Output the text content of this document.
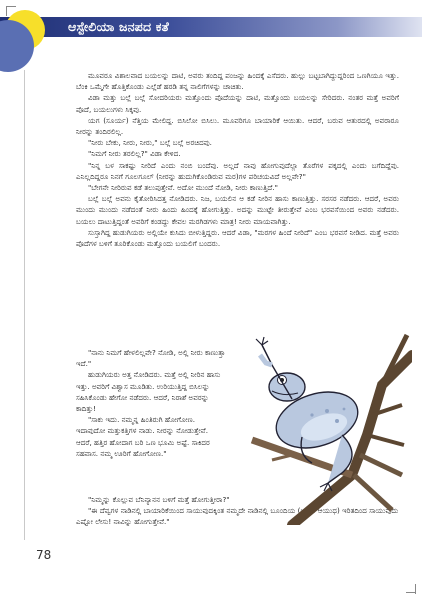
ಆಸ್ಟೇಲಿಯಾ ಜನಪದ ಕತೆ

ಮೂವರೂ ವಿಶಾಲವಾದ ಬಯಲನ್ನು ದಾಟಿ, ಅವರು ತಂದಿದ್ದ ಪಂಜನ್ನು ಹಿಂದಕ್ಕೆ ಎಸೆದರು. ಹುಲ್ಲು ಬಟ್ಟಬಾಗಿದ್ದುದ್ದರಿಂದ ಒಣಗಿಯೂ ಇತ್ತು. ಬೆಂಕಿ ಒಮ್ಮೆಗೇ ಹೊತ್ತಿಕೊಂಡು ಎಲ್ಲೆಡೆ ಹರಡಿ ತನ್ನ ನಾಲಿಗೆಗಳನ್ನು ಚಾಚಿತು.

ವಿಡಾ ಮತ್ತು ಬಲ್ಲೆ ಬಲ್ಲೆ ಸೋದರಿಯರು ಮತ್ತೊಂದು ಪೊದೆಯನ್ನು ದಾಟಿ, ಮತ್ತೊಂದು ಬಯಲನ್ನು ಸೇರಿದರು. ನಂತರ ಮತ್ತೆ ಅವರಿಗೆ ಪೊದೆ, ಬಯಲುಗಳು ಸಿಕ್ಕವು.

ಯಗ (ಸೂರ್ಯ) ನೆತ್ತಿಯ ಮೇಲಿದ್ದ. ಬಿಸಿಲೋ ಬಿಸಿಲು. ಮೂವರಿಗೂ ಬಾಯಾರಿಕೆ ಆಯಿತು. ಆದರೆ, ಬರುವ ಆತುರದಲ್ಲಿ ಅವರಾರೂ ನೀರನ್ನು ತಂದಿರಲಿಲ್ಲ.

"ನೀರು ಬೇಕು, ನೀರು, ನೀರು," ಬಲ್ಲೆ ಬಲ್ಲೆ ಅರಚಿದವು.

"ನಿಮಗೆ ನೀರು ತರಲಿಲ್ಲ?" ವಿಡಾ ಕೇಳಿದ.

"ನಿನ್ನ ಬಳ ಸಾಕಷ್ಟು ನೀರಿದೆ ಎಂದು ನಂಬಿ ಬಂದೆವು. ಅಲ್ಲದೆ ನಾವು ಹೋಗುವುದೆಲ್ಲಾ ತೊರೆಗಳ ಪಕ್ಕದಲ್ಲಿ ಎಂದು ಬಗೆದಿದ್ದೆವು. ಎನಿಲ್ಲದಿದ್ದರೂ ನಿನಗೆ ಗೂಲಗೂಲ್ (ನೀರನ್ನು ಹುದುಗಿಕೊಂಡಿರುವ ಮರ)ಗಳ ಪರಿಚಯವಿದೆ ಅಲ್ಲವೇ?"

"ಬೇಗನೇ ನೀರಿರುವ ಕಡೆ ತಲುಪುತ್ತೇವೆ. ಅದೋ ಮುಂದೆ ನೋಡಿ, ನೀರು ಕಾಣುತ್ತಿದೆ."

ಬಲ್ಲೆ ಬಲ್ಲೆ ಅವನು ಕೈತೋರಿಸಿದತ್ತ ನೋಡಿದರು. ನಿಜ, ಬಯಲಿನ ಆ ಕಡೆ ನೀರಿನ ಹಾಸು ಕಾಣುತ್ತಿತ್ತು. ಸರಸರ ನಡೆದರು. ಆದರೆ, ಅವರು ಮುಂದು ಮುಂದು ನಡೆದಂತೆ ನೀರು ಹಿಂದು ಹಿಂದಕ್ಕೆ ಹೋಗುತ್ತಿತ್ತು. ಅದನ್ನು ಮುಟ್ಟೇ ತೀರುತ್ತೇವೆ ಎಂಬ ಭರವಸೆಯಿಂದ ಅವರು ನಡೆದರು. ಬಯಲು ದಾಟುತ್ತಿದ್ದಂತೆ ಅವರಿಗೆ ಕಂಡದ್ದು ಕೇವಲ ಮರಗಿಡಗಳು ಮಾತ್ರ! ನೀರು ಮಾಯವಾಗಿತ್ತು.

ಸುಸ್ತಾಗಿದ್ದ ಹುಡುಗಿಯರು ಅಲ್ಲಿಯೇ ಕುಸಿದು ಬೀಳುತ್ತಿದ್ದರು. ಆದರೆ ವಿಡಾ, "ಮರಗಳ ಹಿಂದೆ ನೀರಿದೆ" ಎಂಬ ಭರವಸೆ ನೀಡಿದ. ಮತ್ತೆ ಅವರು ಪೊದೆಗಳ ಬಳಿಗೆ ತೂರಿಕೊಂಡು ಮತ್ತೊಂದು ಬಯಲಿಗೆ ಬಂದರು.

"ನಾನು ನಿಮಗೆ ಹೇಳಲಿಲ್ಲವೇ? ನೋಡಿ, ಅಲ್ಲಿ ನೀರು ಕಾಣುತ್ತಾ ಇದೆ."

ಹುಡುಗಿಯರು ಅತ್ತ ನೋಡಿದರು. ಮತ್ತೆ ಅಲ್ಲಿ ನೀರಿನ ಹಾಸು ಇತ್ತು. ಅವರಿಗೆ ವಿಶ್ವಾಸ ಮೂಡಿತು. ಉರಿಯುತ್ತಿದ್ದ ಬಿಸಿಲನ್ನು ಸಹಿಸಿಕೊಂಡು ಹೇಗೋ ನಡೆದರು. ಆದರೆ, ನಿರಾಶೆ ಅವರನ್ನು ಕಾದಿತ್ತು!

"ಸಾಕು ಇದು. ನಮ್ಮನ್ನ ಹಿಂತಿರುಗಿ ಹೋಗೋಣ. ಇದಾವುದೋ ಮತ್ತುಕತ್ತಿಗಳ ನಾಡು. ನೀರನ್ನು ನೋಡುತ್ತೇವೆ. ಆದರೆ, ಹತ್ತಿರ ಹೋದಾಗ ಬರಿ ಒಣ ಭೂಮಿ ಅಷ್ಟೆ. ಸಾಕಿದರ ಸಹವಾಸ. ನಮ್ಮ ಊರಿಗೆ ಹೋಗೋಣ."

"ನಿಮ್ಮನ್ನು ಕೊಲ್ಲುವ ಬೆನಿನ್ಯಾನನ ಬಳಿಗೆ ಮತ್ತೆ ಹೋಗುತ್ತೀರಾ?"

"ಈ ದೆವ್ವಗಳ ನಾಡಿನಲ್ಲಿ ಬಾಯಾರಿಕೆಯಿಂದ ಸಾಯುವುದಕ್ಕಿಂತ ನಮ್ಮದೇ ನಾಡಿನಲ್ಲಿ ಬೂಂದಿಯ (ಒಂದು ಆಯುಧ) ಇರಿತದಿಂದ ಸಾಯುವುದು ಎಷ್ಟೋ ಲೇಸು! ನಾವಿನ್ನು ಹೋಗುತ್ತೇವೆ."

78
